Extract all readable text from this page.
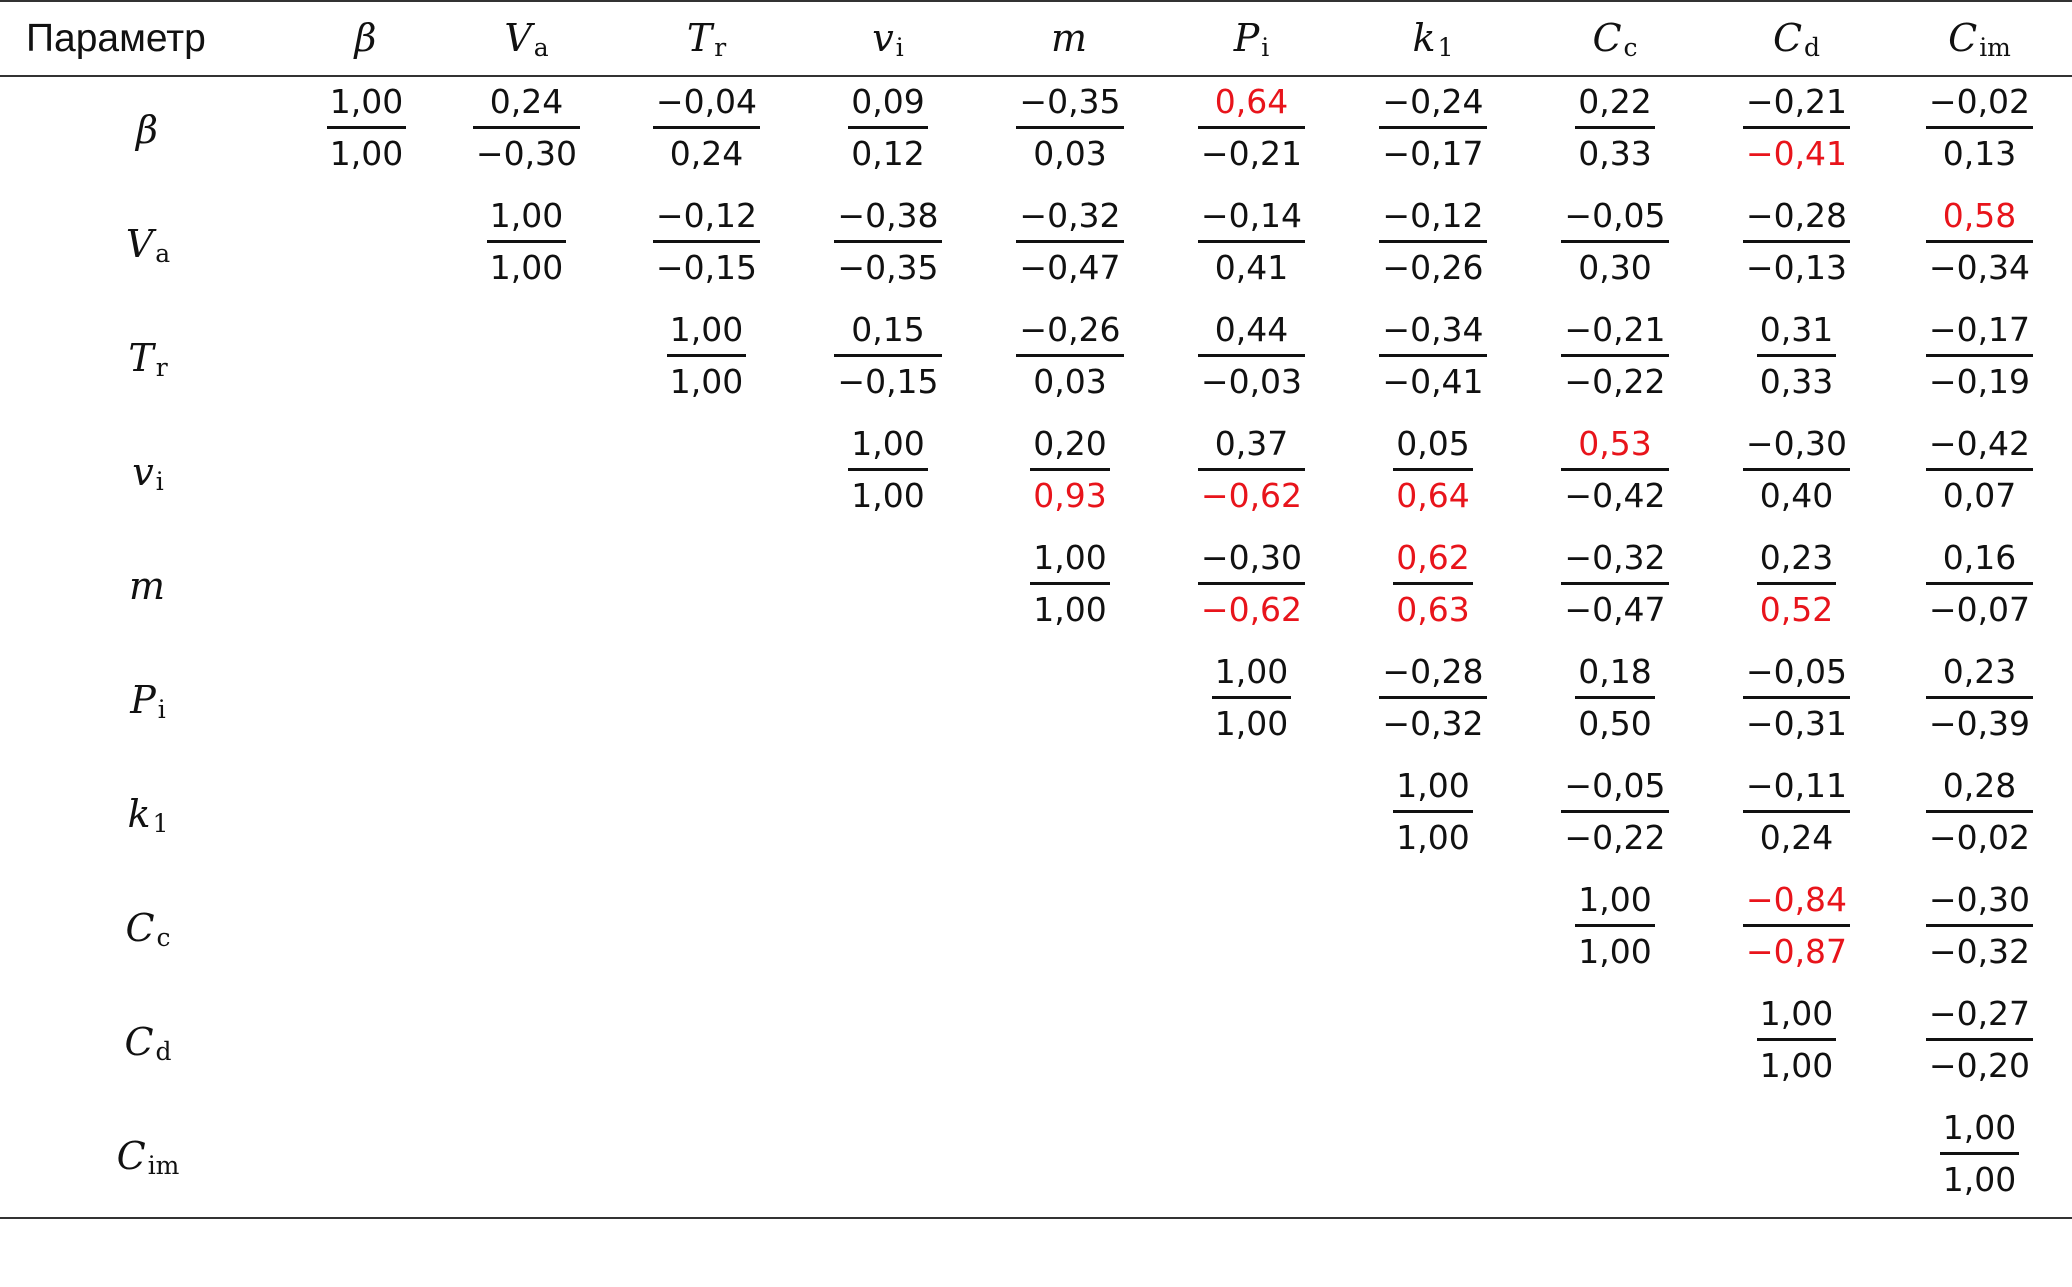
Параметр	β	$V_a$	$T_r$	$v_i$	m	$P_i$	$k_1$	$C_c$	$C_d$	$C_{im}$
β	$\frac{1,00}{1,00}$	$\frac{0,24}{-0,30}$	$\frac{-0,04}{0,24}$	$\frac{0,09}{0,12}$	$\frac{-0,35}{0,03}$	$\frac{0,64}{-0,21}$	$\frac{-0,24}{-0,17}$	$\frac{0,22}{0,33}$	$\frac{-0,21}{-0,41}$	$\frac{-0,02}{0,13}$

$V_a$		$\frac{1,00}{1,00}$	$\frac{-0,12}{-0,15}$	$\frac{-0,38}{-0,35}$	$\frac{-0,32}{-0,47}$	$\frac{-0,14}{0,41}$	$\frac{-0,12}{-0,26}$	$\frac{-0,05}{0,30}$	$\frac{-0,28}{-0,13}$	$\frac{0,58}{-0,34}$

$T_r$			$\frac{1,00}{1,00}$	$\frac{0,15}{-0,15}$	$\frac{-0,26}{0,03}$	$\frac{0,44}{-0,03}$	$\frac{-0,34}{-0,41}$	$\frac{-0,21}{-0,22}$	$\frac{0,31}{0,33}$	$\frac{-0,17}{-0,19}$

$v_i$				$\frac{1,00}{1,00}$	$\frac{0,20}{0,93}$	$\frac{0,37}{-0,62}$	$\frac{0,05}{0,64}$	$\frac{0,53}{-0,42}$	$\frac{-0,30}{0,40}$	$\frac{-0,42}{0,07}$

m					$\frac{1,00}{1,00}$	$\frac{-0,30}{-0,62}$	$\frac{0,62}{0,63}$	$\frac{-0,32}{-0,47}$	$\frac{0,23}{0,52}$	$\frac{0,16}{-0,07}$

$P_i$						$\frac{1,00}{1,00}$	$\frac{-0,28}{-0,32}$	$\frac{0,18}{0,50}$	$\frac{-0,05}{-0,31}$	$\frac{0,23}{-0,39}$

$k_1$							$\frac{1,00}{1,00}$	$\frac{-0,05}{-0,22}$	$\frac{-0,11}{0,24}$	$\frac{0,28}{-0,02}$

$C_c$								$\frac{1,00}{1,00}$	$\frac{-0,84}{-0,87}$	$\frac{-0,30}{-0,32}$

$C_d$									$\frac{1,00}{1,00}$	$\frac{-0,27}{-0,20}$

$C_{im}$										$\frac{1,00}{1,00}$
